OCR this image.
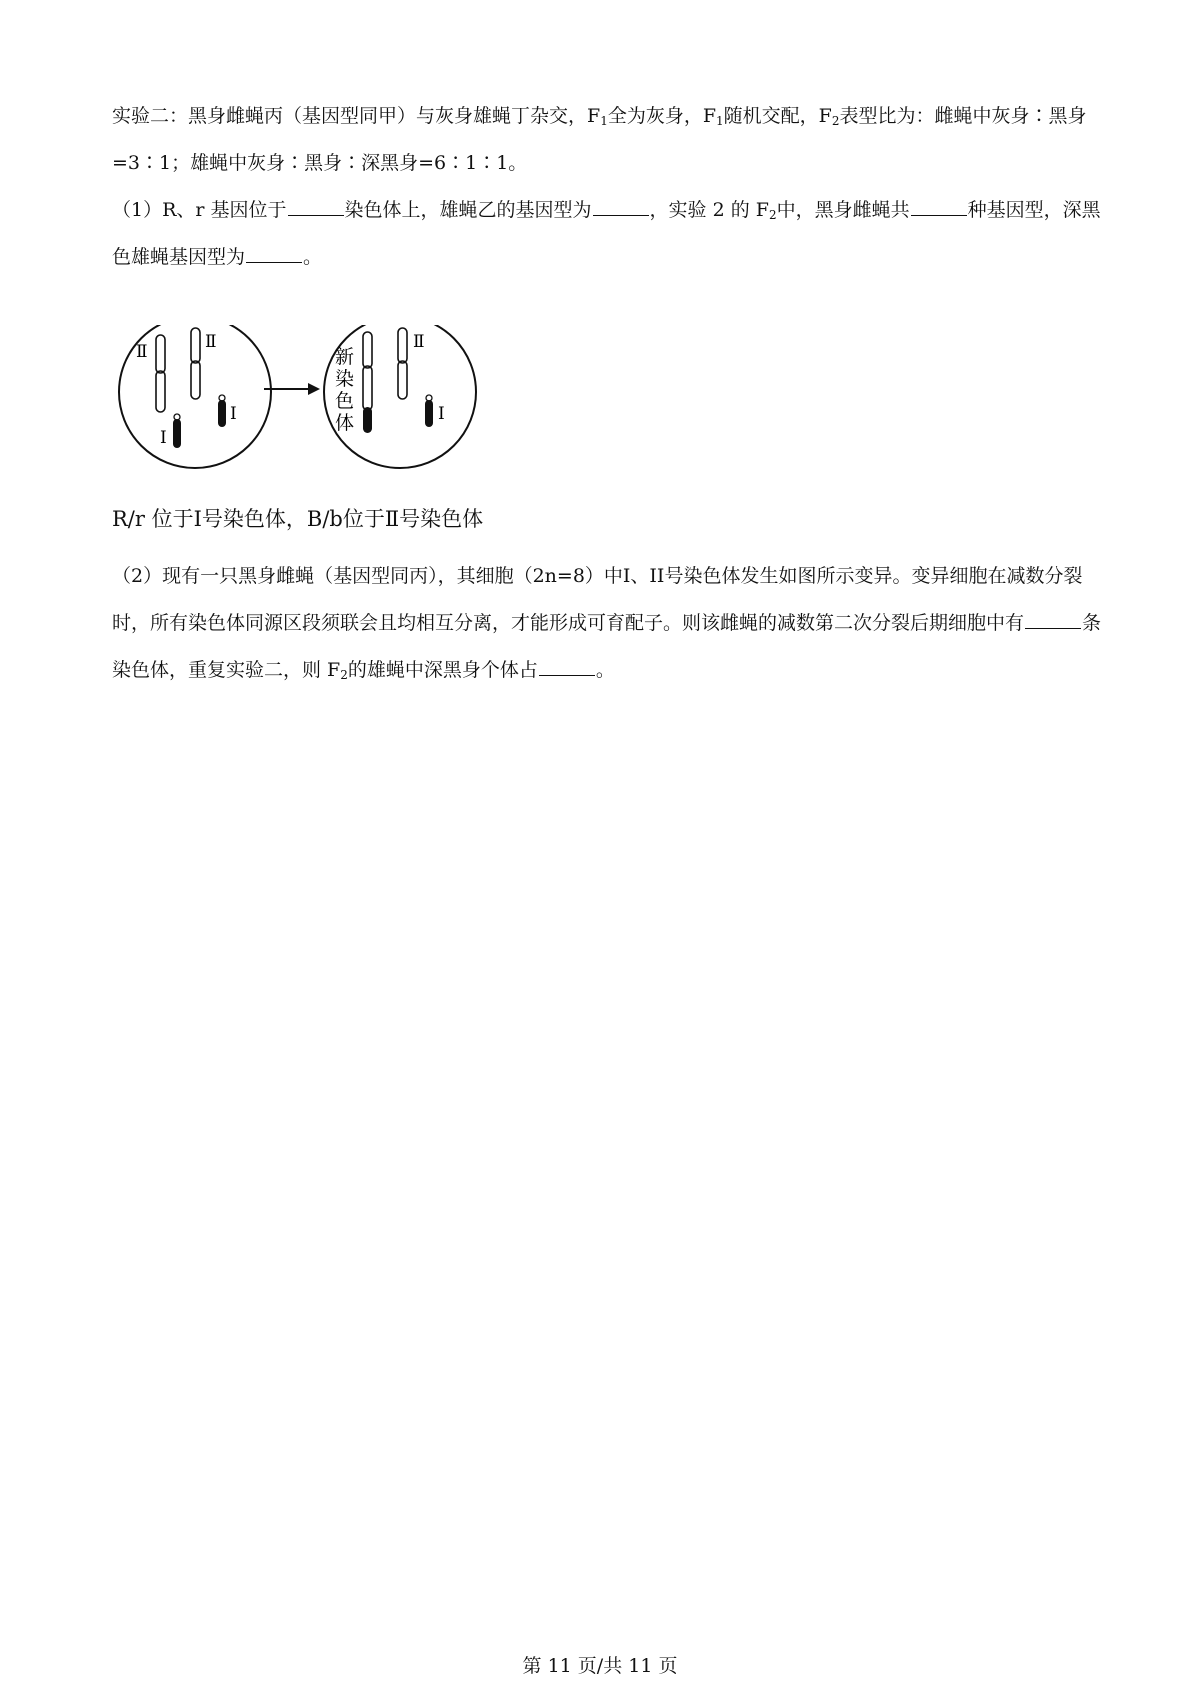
实验二：黑身雌蝇丙（基因型同甲）与灰身雄蝇丁杂交，$F_1$全为灰身，$F_1$随机交配，$F_2$表型比为：雌蝇中灰身∶黑身=3∶1；雄蝇中灰身∶黑身∶深黑身=6∶1∶1。

（1）R、r 基因位于	染色体上，雄蝇乙的基因型为	，实验 2 的 $F_2$中，黑身雌蝇共	种基因型，深黑色雄蝇基因型为	。

Ⅱ	Ⅱ
Ⅰ
Ⅰ
Ⅱ
Ⅰ
新
染
色
体
R/r 位于Ⅰ号染色体，B/b位于Ⅱ号染色体

（2）现有一只黑身雌蝇（基因型同丙），其细胞（2n=8）中I、II号染色体发生如图所示变异。变异细胞在减数分裂时，所有染色体同源区段须联会且均相互分离，才能形成可育配子。则该雌蝇的减数第二次分裂后期细胞中有	条染色体，重复实验二，则 $F_2$的雄蝇中深黑身个体占	。

第 11 页/共 11 页
